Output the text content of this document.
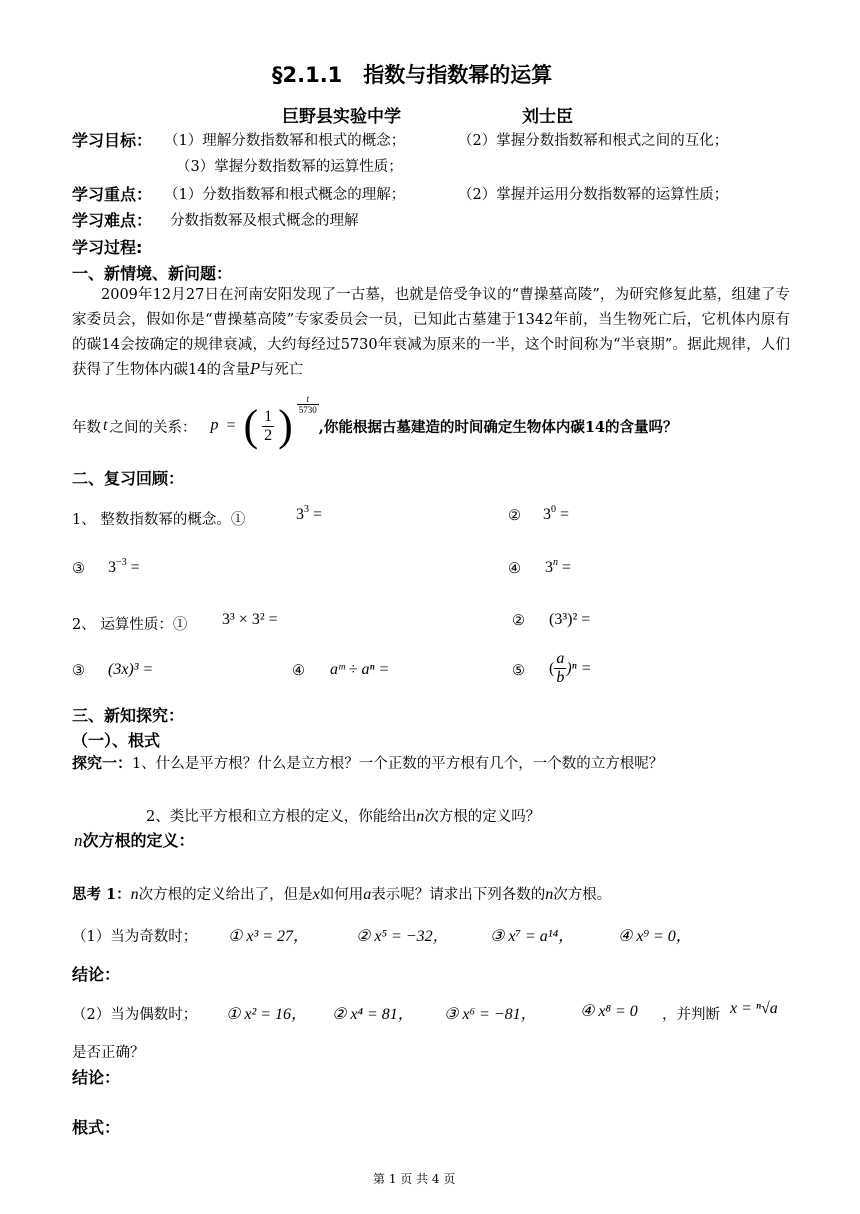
§2.1.1　指数与指数幂的运算
巨野县实验中学	刘士臣
学习目标： （1）理解分数指数幂和根式的概念；	（2）掌握分数指数幂和根式之间的互化；
（3）掌握分数指数幂的运算性质；
学习重点： （1）分数指数幂和根式概念的理解；	（2）掌握并运用分数指数幂的运算性质；
学习难点： 分数指数幂及根式概念的理解
学习过程:
一、新情境、新问题：
2009年12月27日在河南安阳发现了一古墓，也就是倍受争议的“曹操墓高陵”，为研究修复此墓，组建了专家委员会，假如你是“曹操墓高陵”专家委员会一员，已知此古墓建于1342年前，当生物死亡后，它机体内原有的碳14会按确定的规律衰减，大约每经过5730年衰减为原来的一半，这个时间称为“半衰期”。据此规律，人们获得了生物体内碳14的含量P与死亡
年数 t 之间的关系： p = ( $\frac{1}{2}$ ) $\frac{t}{5730}$
,你能根据古墓建造的时间确定生物体内碳14的含量吗？
二、复习回顾：
1、 整数指数幂的概念。①	$3^3$ =	② $3^0$ =
③ $3^{-3}$ =	④ $3^n$ =
2、 运算性质：① 3³ × 3² =	② (3³)² =
③ (3x)³ =	④ aᵐ ÷ aⁿ =	⑤ ( $\frac{a}{b} )^n$ =
三、新知探究：
（一）、根式
探究一：1、什么是平方根？什么是立方根？一个正数的平方根有几个，一个数的立方根呢？
2、类比平方根和立方根的定义，你能给出n次方根的定义吗？
n次方根的定义：
思考 1：n次方根的定义给出了，但是x如何用a表示呢？请求出下列各数的n次方根。
（1）当为奇数时； ① x³ = 27，	② x⁵ = −32，	③ x⁷ = a¹⁴，	④ x⁹ = 0，
结论：
（2）当为偶数时； ① x² = 16， ② x⁴ = 81， ③ x⁶ = −81，	④ x⁸ = 0 ，并判断 x = ⁿ√a
是否正确？
结论：
根式：
第 1 页 共 4 页
